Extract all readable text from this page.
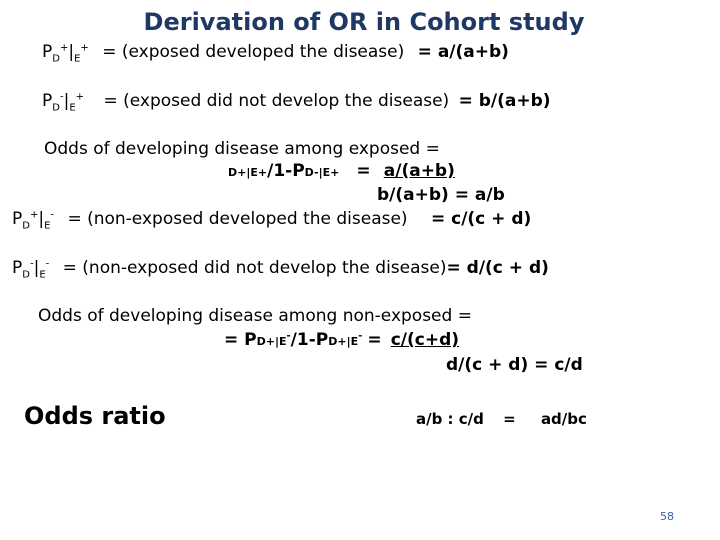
Derivation of OR in Cohort study
$P_D^+|_E^+$ = (exposed developed the disease) = a/(a+b)
$P_D^-|_E^+$ = (exposed did not develop the disease) = b/(a+b)
Odds of developing disease among exposed =
D+|E+/1-PD-|E+ = a/(a+b)
b/(a+b) = a/b
$P_D^+|_E^-$ = (non-exposed developed the disease) = c/(c + d)
$P_D^-|_E^-$ = (non-exposed did not develop the disease)= d/(c + d)
Odds of developing disease among non-exposed =
= PD+|E-/1-PD+|E- = c/(c+d)
d/(c + d) = c/d
Odds ratio	a/b : c/d = ad/bc
58
